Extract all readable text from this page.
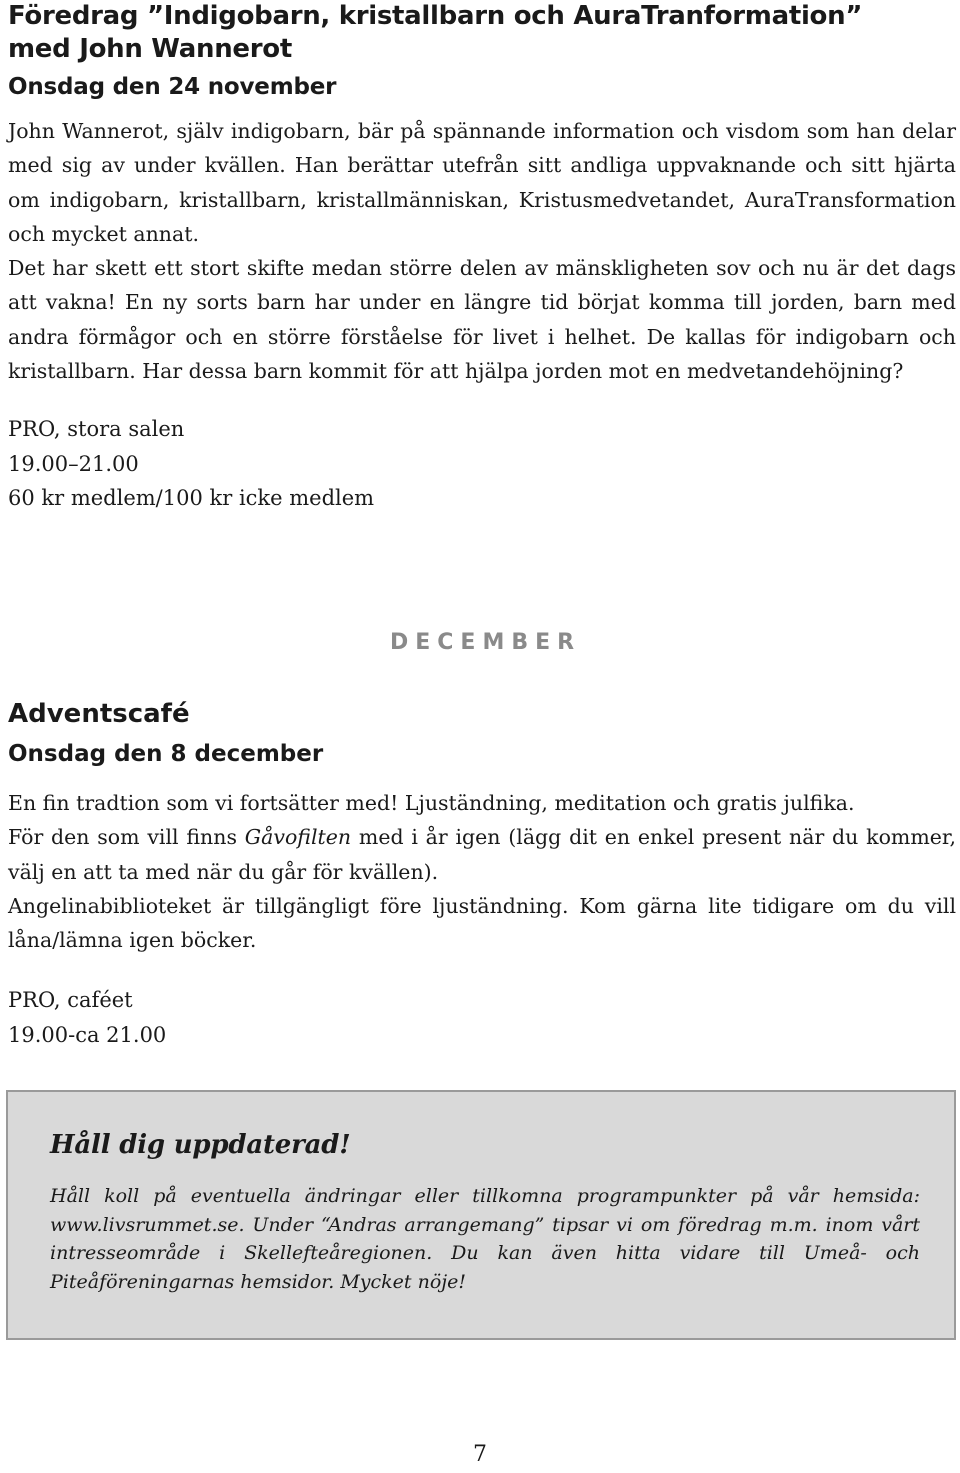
Föredrag ”Indigobarn, kristallbarn och AuraTranformation”
med John Wannerot
Onsdag den 24 november

John Wannerot, själv indigobarn, bär på spännande information och visdom som han delar med sig av under kvällen. Han berättar utefrån sitt andliga uppvaknande och sitt hjärta om indigobarn, kristallbarn, kristallmänniskan, Kristusmedvetandet, AuraTransformation och mycket annat.

Det har skett ett stort skifte medan större delen av mänskligheten sov och nu är det dags att vakna! En ny sorts barn har under en längre tid börjat komma till jorden, barn med andra förmågor och en större förståelse för livet i helhet. De kallas för indigobarn och kristallbarn. Har dessa barn kommit för att hjälpa jorden mot en medvetandehöjning?

PRO, stora salen

19.00–21.00

60 kr medlem/100 kr icke medlem

DECEMBER
Adventscafé
Onsdag den 8 december

En fin tradtion som vi fortsätter med! Ljuständning, meditation och gratis julfika.

För den som vill finns Gåvofilten med i år igen (lägg dit en enkel present när du kommer, välj en att ta med när du går för kvällen).

Angelinabiblioteket är tillgängligt före ljuständning. Kom gärna lite tidigare om du vill låna/lämna igen böcker.

PRO, caféet

19.00-ca 21.00

Håll dig uppdaterad!

Håll koll på eventuella ändringar eller tillkomna programpunkter på vår hemsida: www.livsrummet.se. Under “Andras arrangemang” tipsar vi om föredrag m.m. inom vårt intresseområde i Skellefteåregionen. Du kan även hitta vidare till Umeå- och Piteåföreningarnas hemsidor. Mycket nöje!

7
